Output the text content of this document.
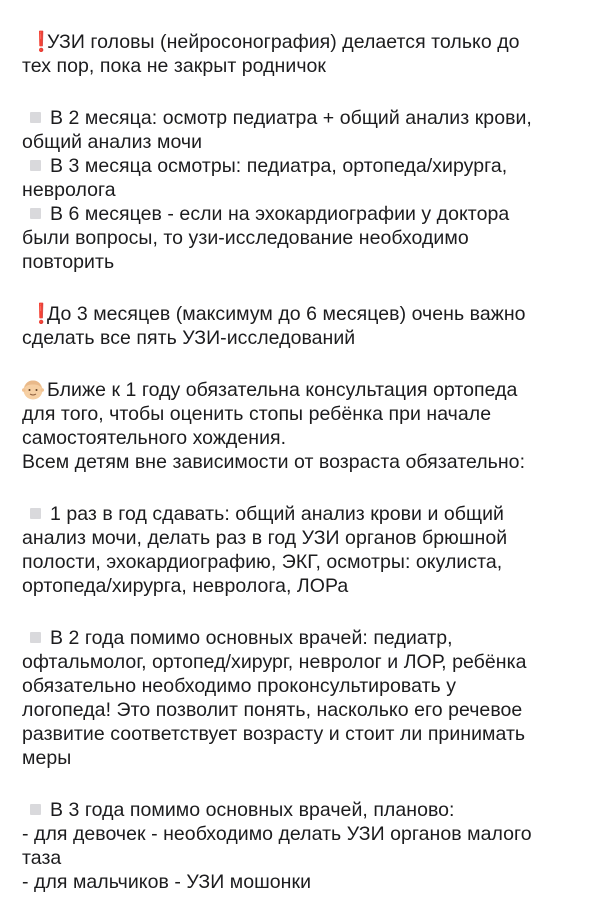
❗УЗИ головы (нейросонография) делается только до
тех пор, пока не закрыт родничок
В 2 месяца: осмотр педиатра + общий анализ крови,
общий анализ мочи
В 3 месяца осмотры: педиатра, ортопеда/хирурга,
невролога
В 6 месяцев - если на эхокардиографии у доктора
были вопросы, то узи-исследование необходимо
повторить
❗До 3 месяцев (максимум до 6 месяцев) очень важно
сделать все пять УЗИ-исследований
Ближе к 1 году обязательна консультация ортопеда
для того, чтобы оценить стопы ребёнка при начале
самостоятельного хождения.
Всем детям вне зависимости от возраста обязательно:
1 раз в год сдавать: общий анализ крови и общий
анализ мочи, делать раз в год УЗИ органов брюшной
полости, эхокардиографию, ЭКГ, осмотры: окулиста,
ортопеда/хирурга, невролога, ЛОРа
В 2 года помимо основных врачей: педиатр,
офтальмолог, ортопед/хирург, невролог и ЛОР, ребёнка
обязательно необходимо проконсультировать у
логопеда! Это позволит понять, насколько его речевое
развитие соответствует возрасту и стоит ли принимать
меры
В 3 года помимо основных врачей, планово:
- для девочек - необходимо делать УЗИ органов малого
таза
- для мальчиков - УЗИ мошонки
